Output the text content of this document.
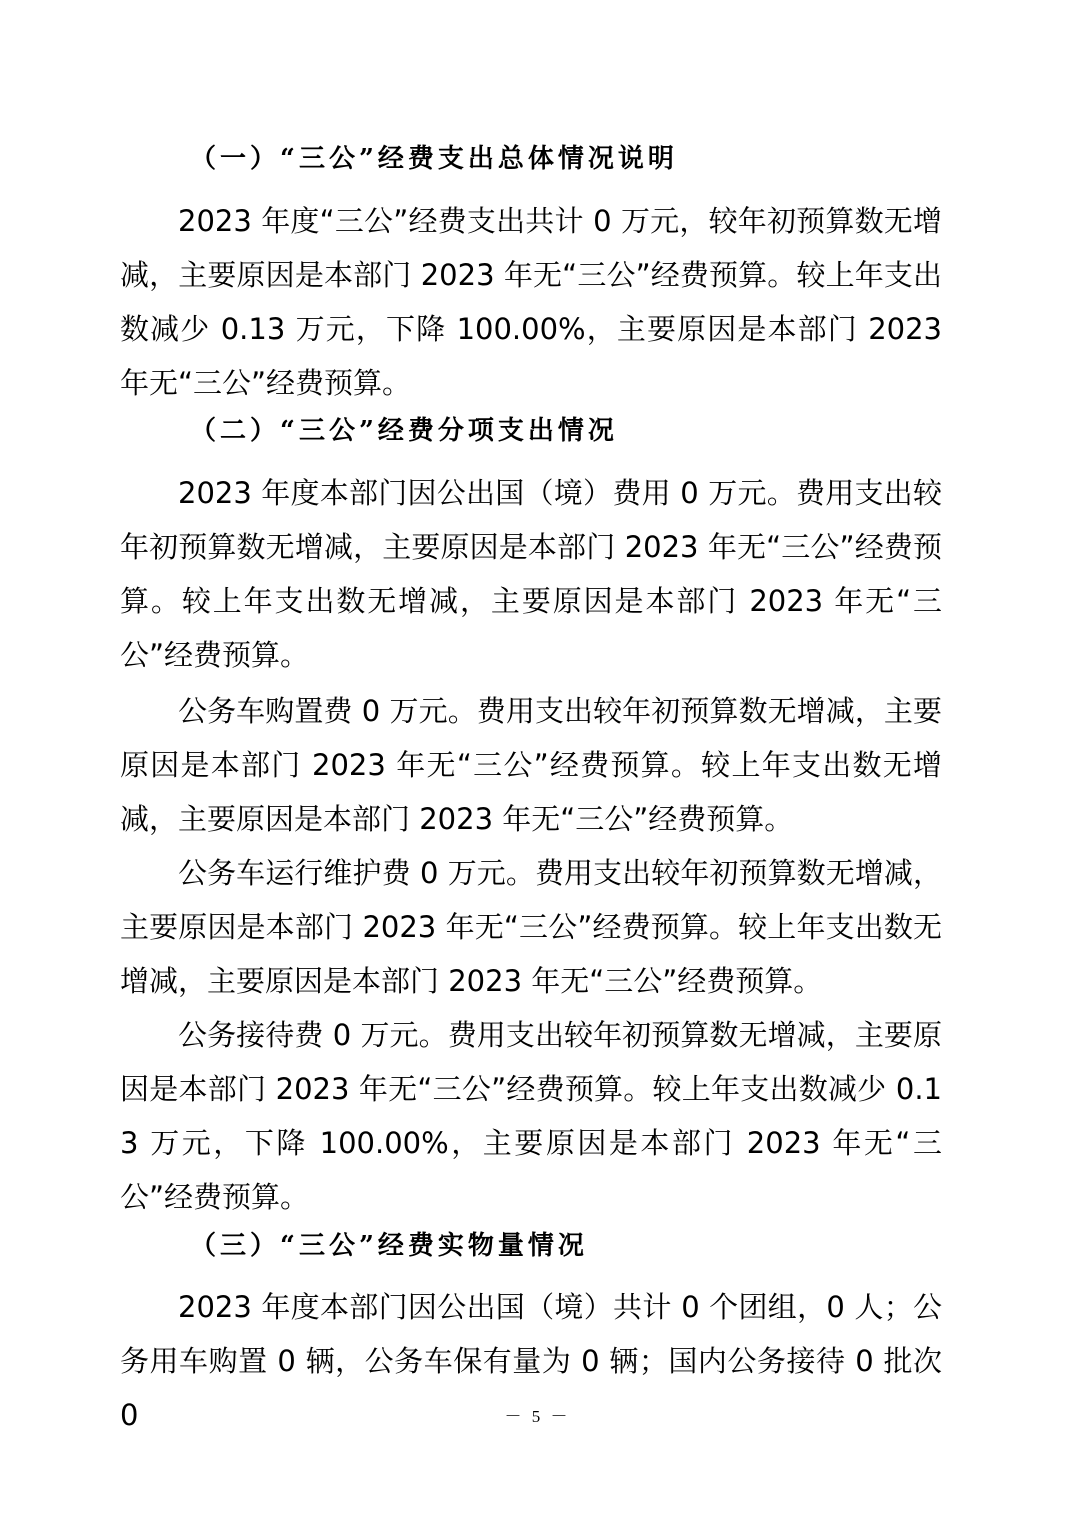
（一）“三公”经费支出总体情况说明
2023 年度“三公”经费支出共计 0 万元，较年初预算数无增减，主要原因是本部门 2023 年无“三公”经费预算。较上年支出数减少 0.13 万元，下降 100.00%，主要原因是本部门 2023 年无“三公”经费预算。
（二）“三公”经费分项支出情况
2023 年度本部门因公出国（境）费用 0 万元。费用支出较年初预算数无增减，主要原因是本部门 2023 年无“三公”经费预算。较上年支出数无增减，主要原因是本部门 2023 年无“三公”经费预算。
公务车购置费 0 万元。费用支出较年初预算数无增减，主要原因是本部门 2023 年无“三公”经费预算。较上年支出数无增减，主要原因是本部门 2023 年无“三公”经费预算。
公务车运行维护费 0 万元。费用支出较年初预算数无增减，主要原因是本部门 2023 年无“三公”经费预算。较上年支出数无增减，主要原因是本部门 2023 年无“三公”经费预算。
公务接待费 0 万元。费用支出较年初预算数无增减，主要原因是本部门 2023 年无“三公”经费预算。较上年支出数减少 0.13 万元，下降 100.00%，主要原因是本部门 2023 年无“三公”经费预算。
（三）“三公”经费实物量情况
2023 年度本部门因公出国（境）共计 0 个团组，0 人；公务用车购置 0 辆，公务车保有量为 0 辆；国内公务接待 0 批次 0	－ 5 －
